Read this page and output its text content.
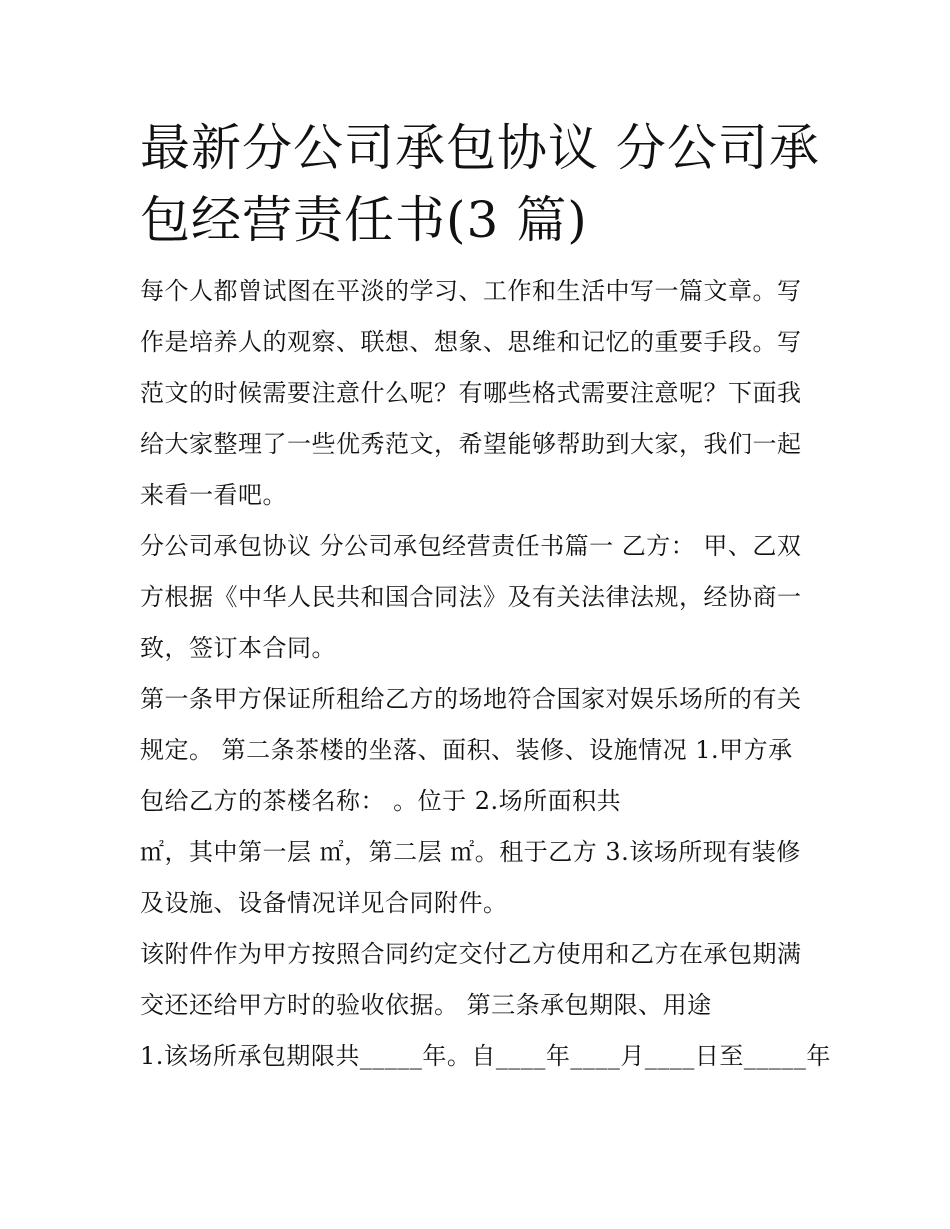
最新分公司承包协议 分公司承
包经营责任书(3 篇)

每个人都曾试图在平淡的学习、工作和生活中写一篇文章。写
作是培养人的观察、联想、想象、思维和记忆的重要手段。写
范文的时候需要注意什么呢？有哪些格式需要注意呢？下面我
给大家整理了一些优秀范文，希望能够帮助到大家，我们一起
来看一看吧。

分公司承包协议 分公司承包经营责任书篇一 乙方： 甲、乙双
方根据《中华人民共和国合同法》及有关法律法规，经协商一
致，签订本合同。

第一条甲方保证所租给乙方的场地符合国家对娱乐场所的有关
规定。 第二条茶楼的坐落、面积、装修、设施情况 1.甲方承
包给乙方的茶楼名称： 。位于 2.场所面积共
㎡，其中第一层 ㎡，第二层 ㎡。租于乙方 3.该场所现有装修
及设施、设备情况详见合同附件。

该附件作为甲方按照合同约定交付乙方使用和乙方在承包期满
交还还给甲方时的验收依据。 第三条承包期限、用途
1.该场所承包期限共_____年。自____年____月____日至_____年
